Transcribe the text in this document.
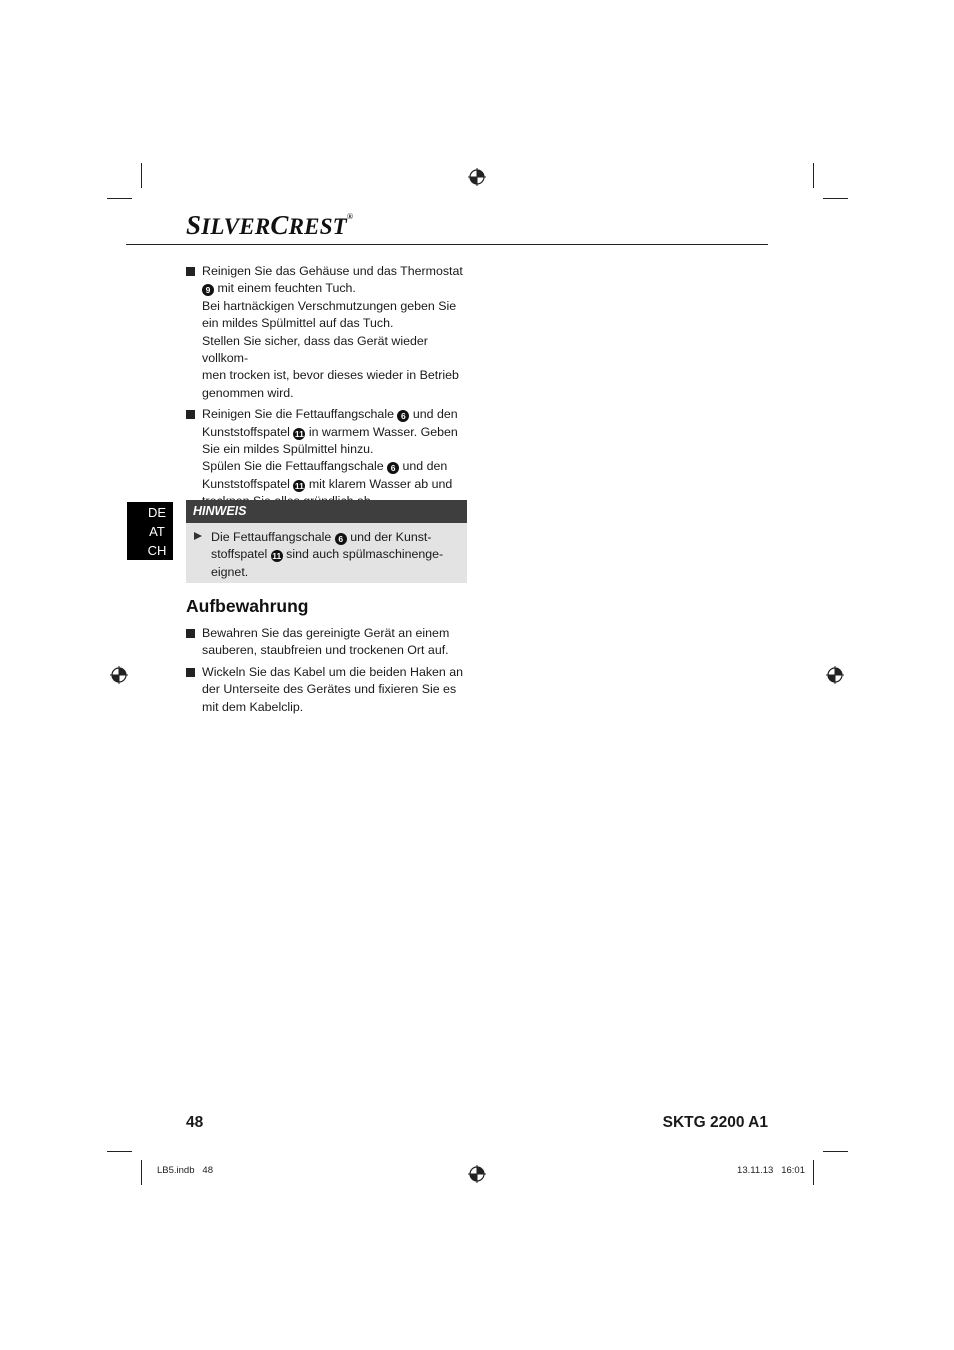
SILVERCREST®
Reinigen Sie das Gehäuse und das Thermostat
9 mit einem feuchten Tuch.
Bei hartnäckigen Verschmutzungen geben Sie
ein mildes Spülmittel auf das Tuch.
Stellen Sie sicher, dass das Gerät wieder vollkom-
men trocken ist, bevor dieses wieder in Betrieb
genommen wird.
Reinigen Sie die Fettauffangschale 6 und den
Kunststoffspatel 11 in warmem Wasser. Geben
Sie ein mildes Spülmittel hinzu.
Spülen Sie die Fettauffangschale 6 und den
Kunststoffspatel 11 mit klarem Wasser ab und
DE
AT
CH
HINWEIS
Die Fettauffangschale 6 und der Kunst-
stoffspatel 11 sind auch spülmaschinenge-
eignet.
Aufbewahrung
Bewahren Sie das gereinigte Gerät an einem
sauberen, staubfreien und trockenen Ort auf.
Wickeln Sie das Kabel um die beiden Haken an
der Unterseite des Gerätes und fixieren Sie es
mit dem Kabelclip.
48	SKTG 2200 A1
LB5.indb   48	13.11.13   16:01
